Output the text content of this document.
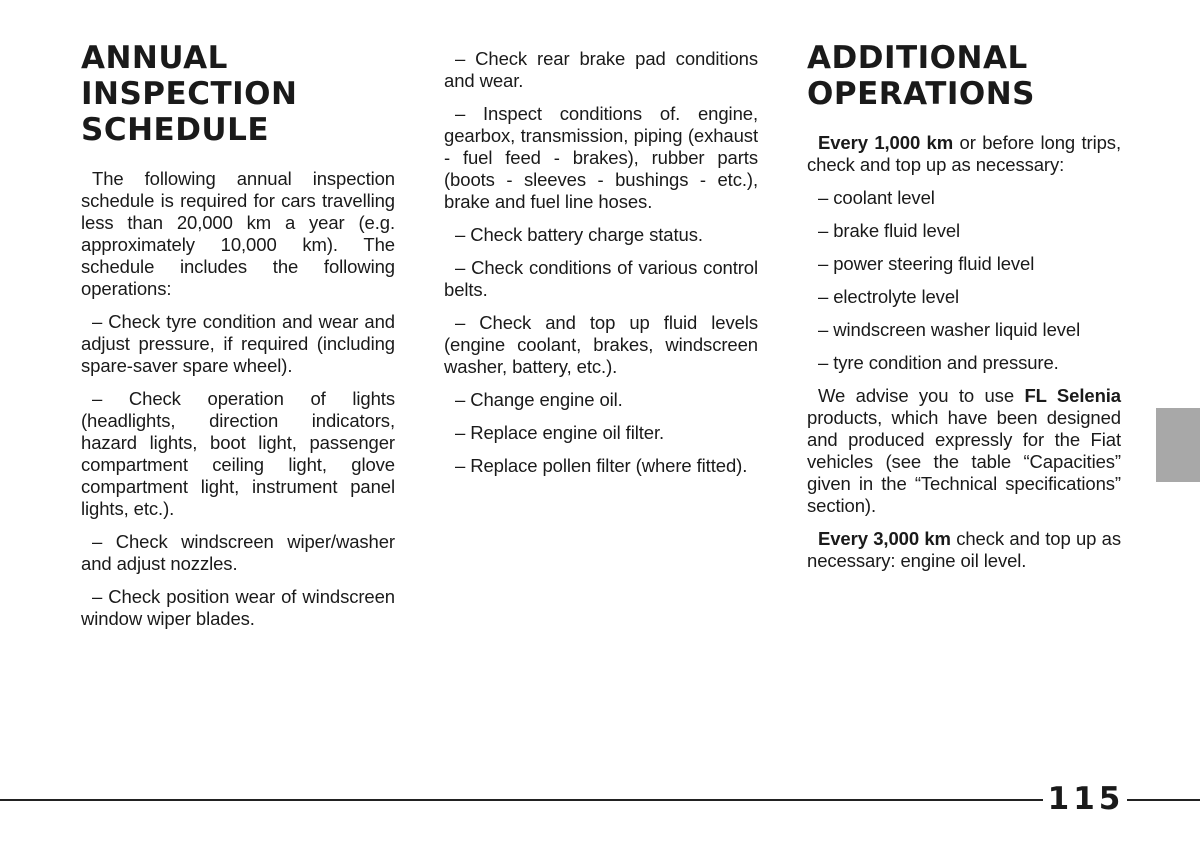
ANNUAL
INSPECTION
SCHEDULE

The following annual inspection schedule is required for cars travelling less than 20,000 km a year (e.g. approximately 10,000 km). The schedule includes the following operations:

– Check tyre condition and wear and adjust pressure, if required (including spare-saver spare wheel).

– Check operation of lights (headlights, direction indicators, hazard lights, boot light, passenger compartment ceiling light, glove compartment light, instrument panel lights, etc.).

– Check windscreen wiper/washer and adjust nozzles.

– Check position wear of windscreen window wiper blades.

– Check rear brake pad conditions and wear.

– Inspect conditions of. engine, gearbox, transmission, piping (exhaust - fuel feed - brakes), rubber parts (boots - sleeves - bushings - etc.), brake and fuel line hoses.

– Check battery charge status.

– Check conditions of various control belts.

– Check and top up fluid levels (engine coolant, brakes, windscreen washer, battery, etc.).

– Change engine oil.

– Replace engine oil filter.

– Replace pollen filter (where fitted).

ADDITIONAL
OPERATIONS

Every 1,000 km or before long trips, check and top up as necessary:

– coolant level

– brake fluid level

– power steering fluid level

– electrolyte level

– windscreen washer liquid level

– tyre condition and pressure.

We advise you to use FL Selenia products, which have been designed and produced expressly for the Fiat vehicles (see the table “Capacities” given in the “Technical specifications” section).

Every 3,000 km check and top up as necessary: engine oil level.

115
